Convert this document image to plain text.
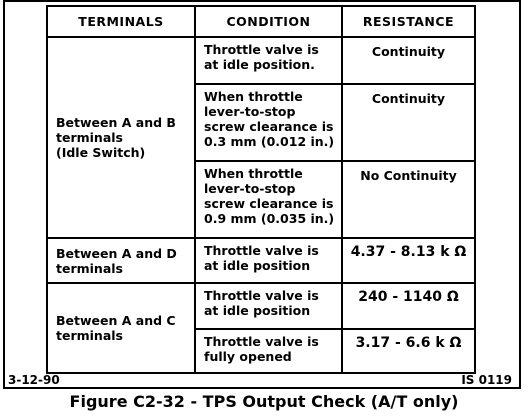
TERMINALS	CONDITION	RESISTANCE

Between A and B
terminals
(Idle Switch)	Throttle valve is
at idle position.	Continuity

	When throttle
lever-to-stop
screw clearance is
0.3 mm (0.012 in.)	Continuity

	When throttle
lever-to-stop
screw clearance is
0.9 mm (0.035 in.)	No Continuity

Between A and D
terminals	Throttle valve is
at idle position	4.37 - 8.13 k Ω

Between A and C
terminals	Throttle valve is
at idle position	240 - 1140 Ω

	Throttle valve is
fully opened	3.17 - 6.6 k Ω
3-12-90	IS 0119
Figure C2-32 - TPS Output Check (A/T only)
